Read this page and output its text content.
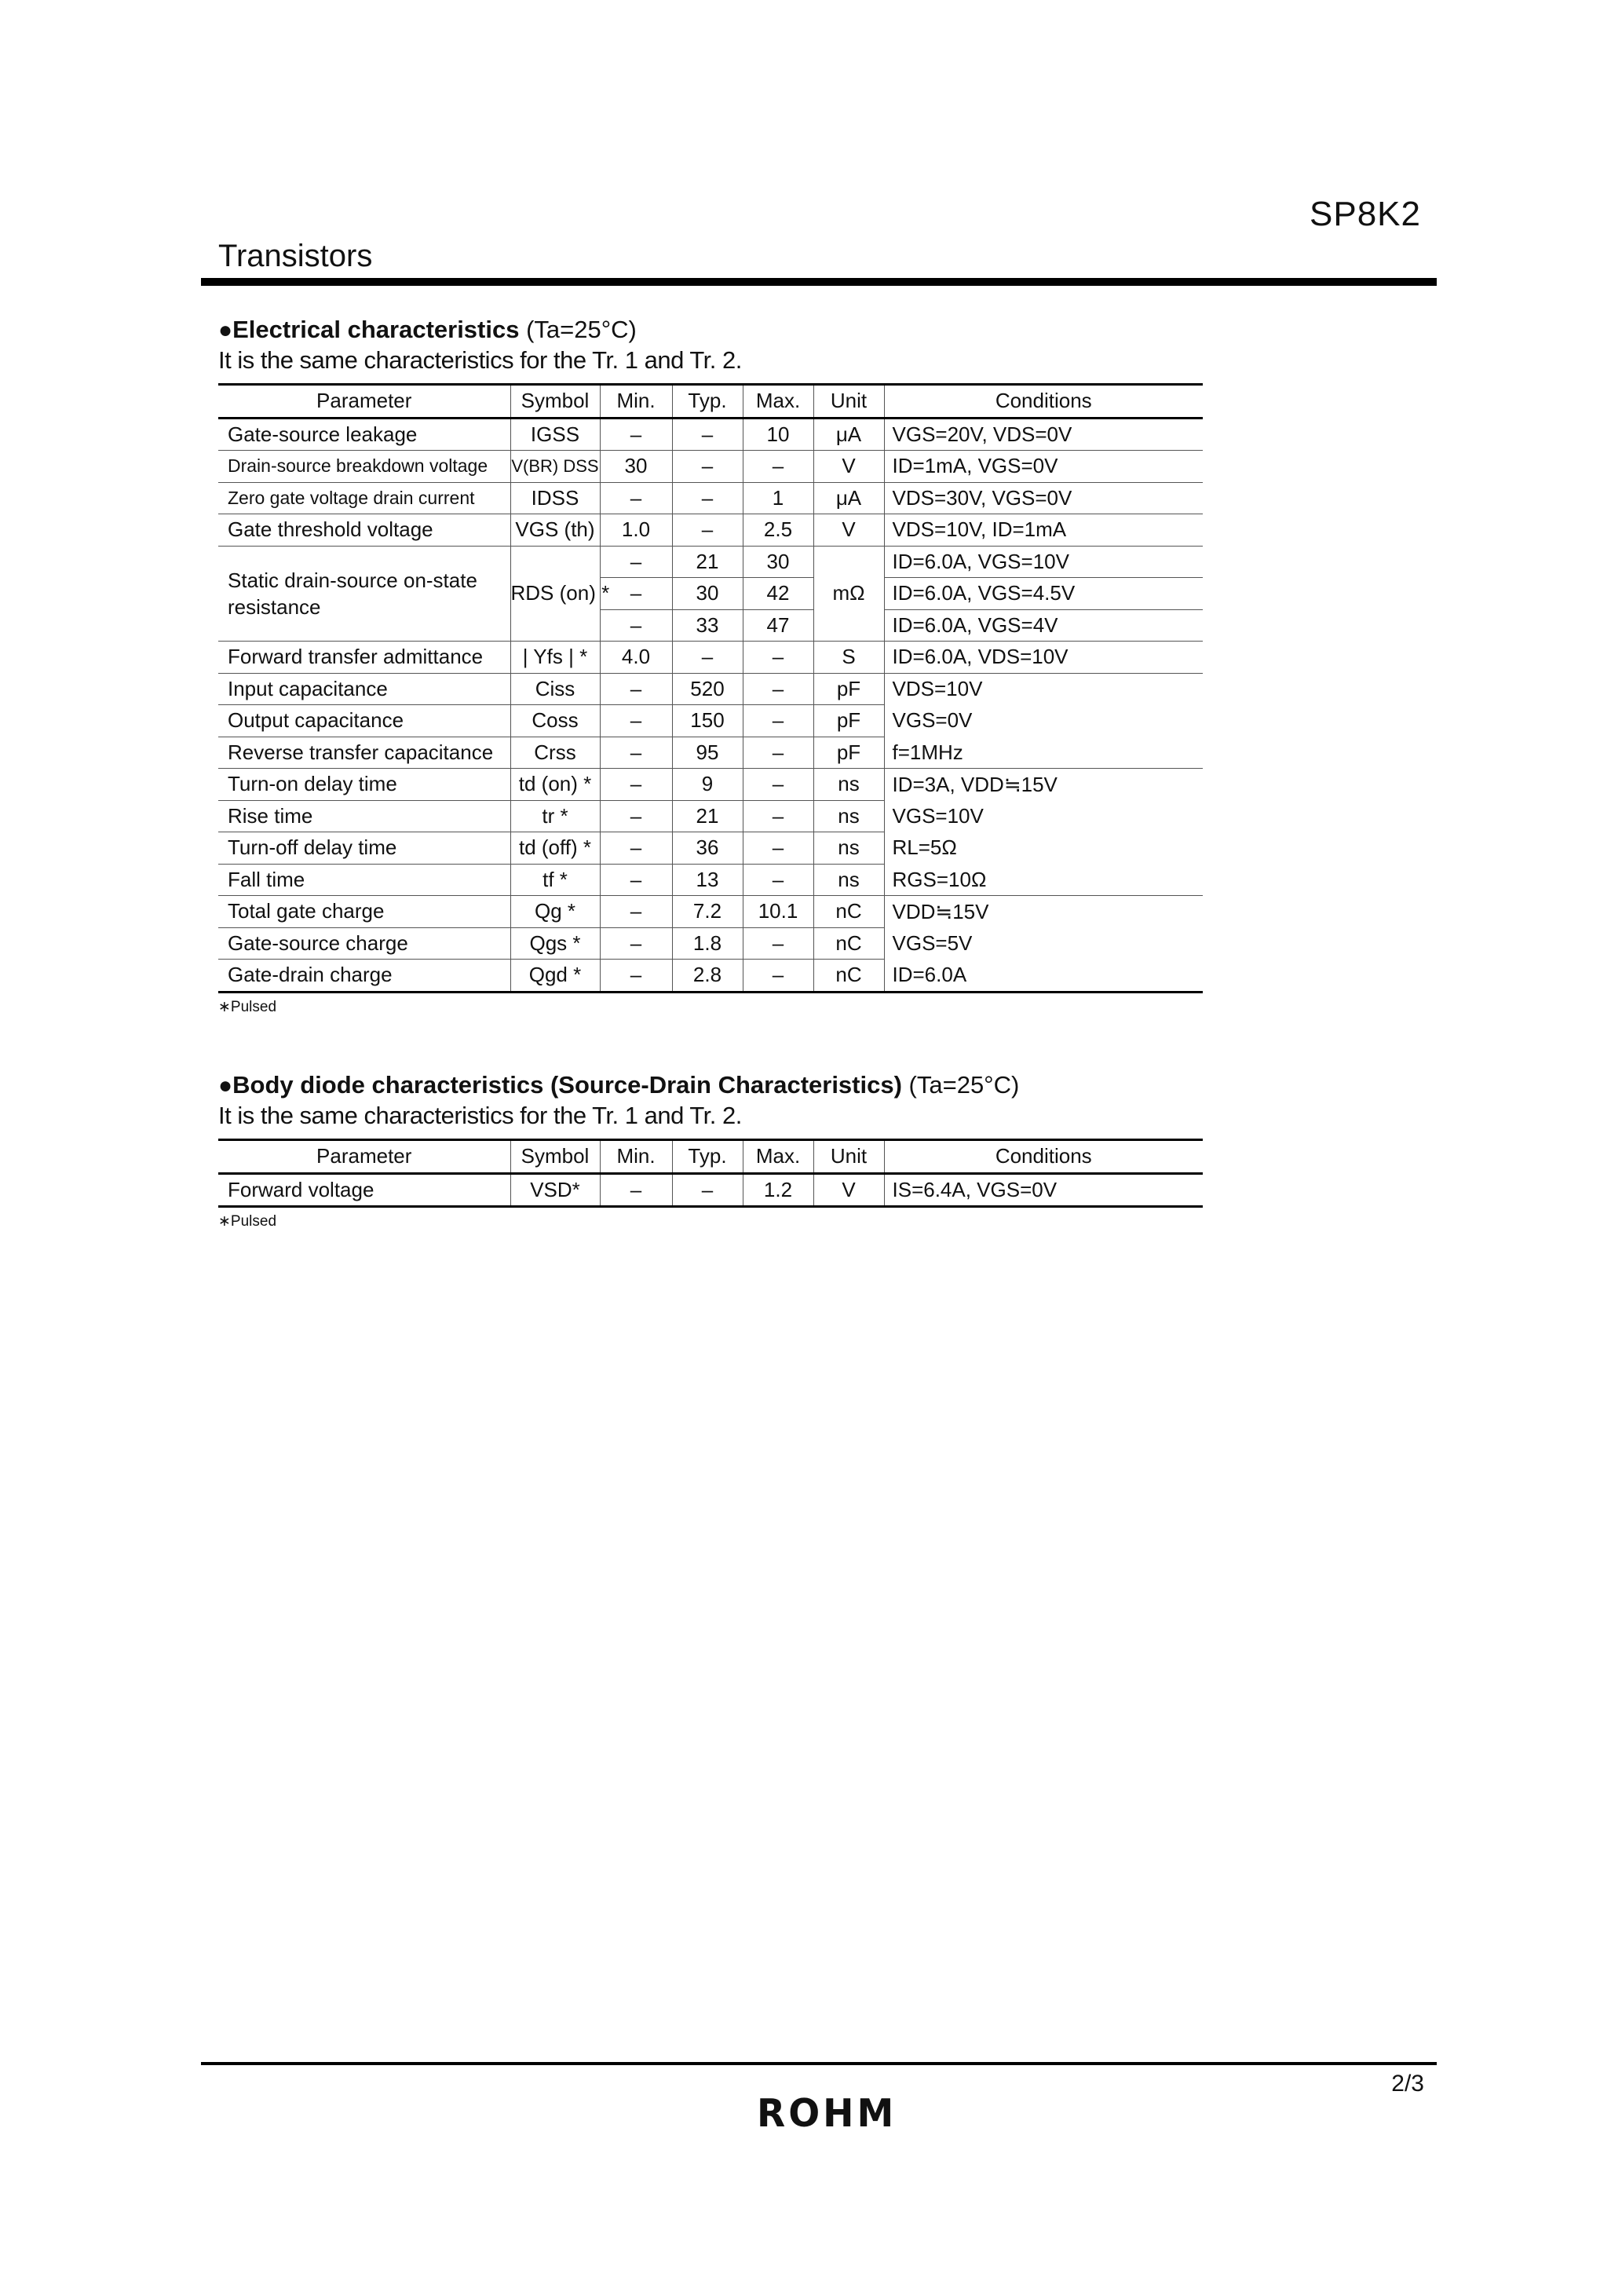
SP8K2
Transistors
●Electrical characteristics (Ta=25°C)
It is the same characteristics for the Tr. 1 and Tr. 2.
Parameter	Symbol	Min.	Typ.	Max.	Unit	Conditions
Gate-source leakage	IGSS	–	–	10	μA	VGS=20V, VDS=0V
Drain-source breakdown voltage	V(BR) DSS	30	–	–	V	ID=1mA, VGS=0V
Zero gate voltage drain current	IDSS	–	–	1	μA	VDS=30V, VGS=0V
Gate threshold voltage	VGS (th)	1.0	–	2.5	V	VDS=10V, ID=1mA
Static drain-source on-state resistance	RDS (on) *	–	21	30	mΩ	ID=6.0A, VGS=10V
		–	30	42		ID=6.0A, VGS=4.5V
		–	33	47		ID=6.0A, VGS=4V
Forward transfer admittance	| Yfs | *	4.0	–	–	S	ID=6.0A, VDS=10V
Input capacitance	Ciss	–	520	–	pF	VDS=10V
Output capacitance	Coss	–	150	–	pF	VGS=0V
Reverse transfer capacitance	Crss	–	95	–	pF	f=1MHz
Turn-on delay time	td (on) *	–	9	–	ns	ID=3A, VDD≒15V
Rise time	tr *	–	21	–	ns	VGS=10V
Turn-off delay time	td (off) *	–	36	–	ns	RL=5Ω
Fall time	tf *	–	13	–	ns	RGS=10Ω
Total gate charge	Qg *	–	7.2	10.1	nC	VDD≒15V
Gate-source charge	Qgs *	–	1.8	–	nC	VGS=5V
Gate-drain charge	Qgd *	–	2.8	–	nC	ID=6.0A
∗Pulsed
●Body diode characteristics (Source-Drain Characteristics) (Ta=25°C)
It is the same characteristics for the Tr. 1 and Tr. 2.
Parameter	Symbol	Min.	Typ.	Max.	Unit	Conditions
Forward voltage	VSD*	–	–	1.2	V	IS=6.4A, VGS=0V
∗Pulsed
2/3
ROHM
